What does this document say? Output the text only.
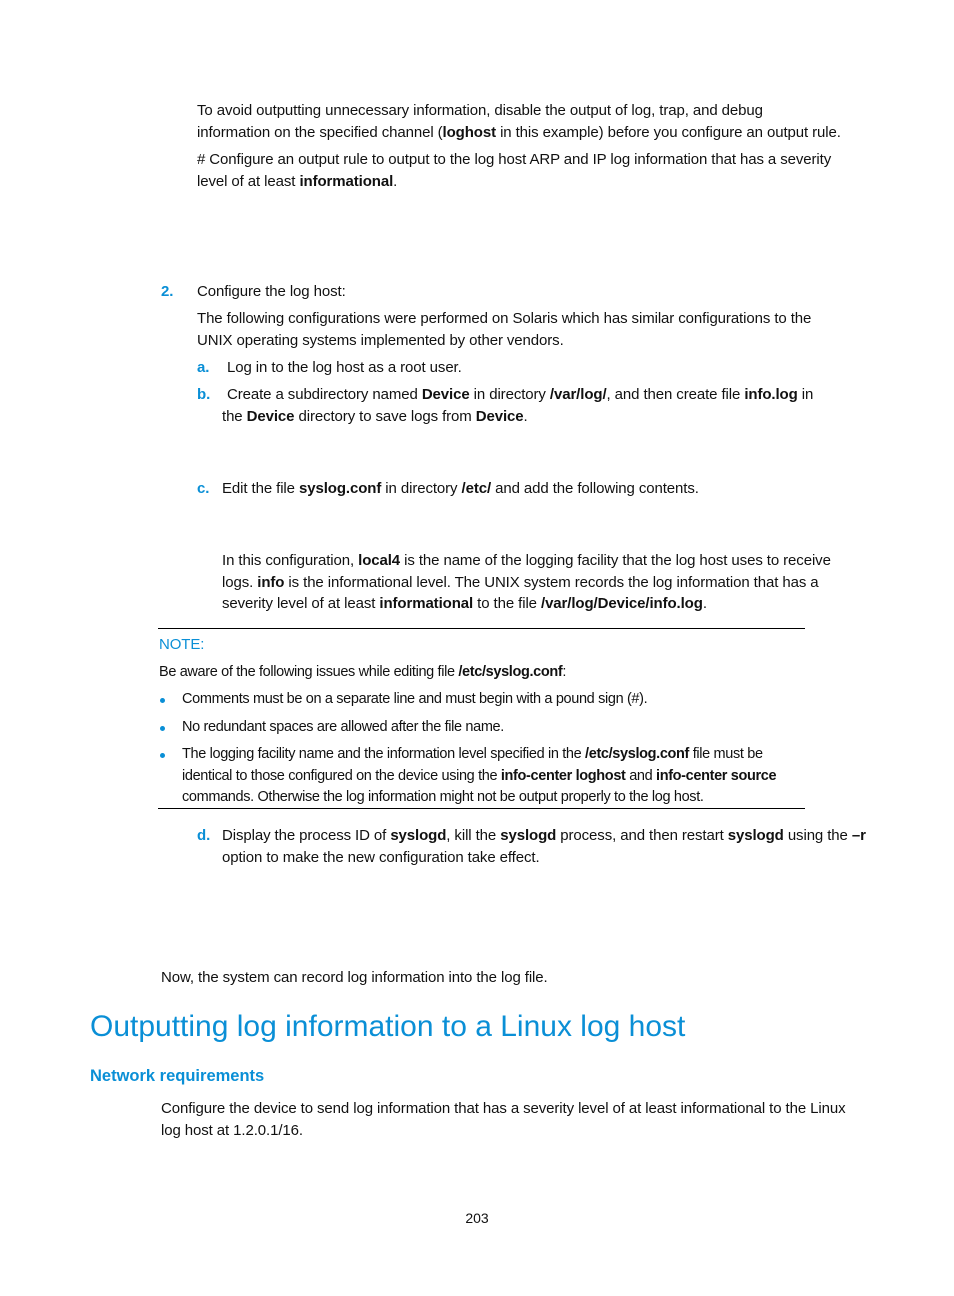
To avoid outputting unnecessary information, disable the output of log, trap, and debug
information on the specified channel (loghost in this example) before you configure an output rule.
# Configure an output rule to output to the log host ARP and IP log information that has a severity
level of at least informational.
2. Configure the log host:
The following configurations were performed on Solaris which has similar configurations to the
UNIX operating systems implemented by other vendors.
a. Log in to the log host as a root user.
b. Create a subdirectory named Device in directory /var/log/, and then create file info.log in
the Device directory to save logs from Device.
c. Edit the file syslog.conf in directory /etc/ and add the following contents.
In this configuration, local4 is the name of the logging facility that the log host uses to receive
logs. info is the informational level. The UNIX system records the log information that has a
severity level of at least informational to the file /var/log/Device/info.log.
NOTE:
Be aware of the following issues while editing file /etc/syslog.conf:
Comments must be on a separate line and must begin with a pound sign (#).
No redundant spaces are allowed after the file name.
The logging facility name and the information level specified in the /etc/syslog.conf file must be
identical to those configured on the device using the info-center loghost and info-center source
commands. Otherwise the log information might not be output properly to the log host.
d. Display the process ID of syslogd, kill the syslogd process, and then restart syslogd using the –r
option to make the new configuration take effect.
Now, the system can record log information into the log file.
Outputting log information to a Linux log host
Network requirements
Configure the device to send log information that has a severity level of at least informational to the Linux
log host at 1.2.0.1/16.
203
